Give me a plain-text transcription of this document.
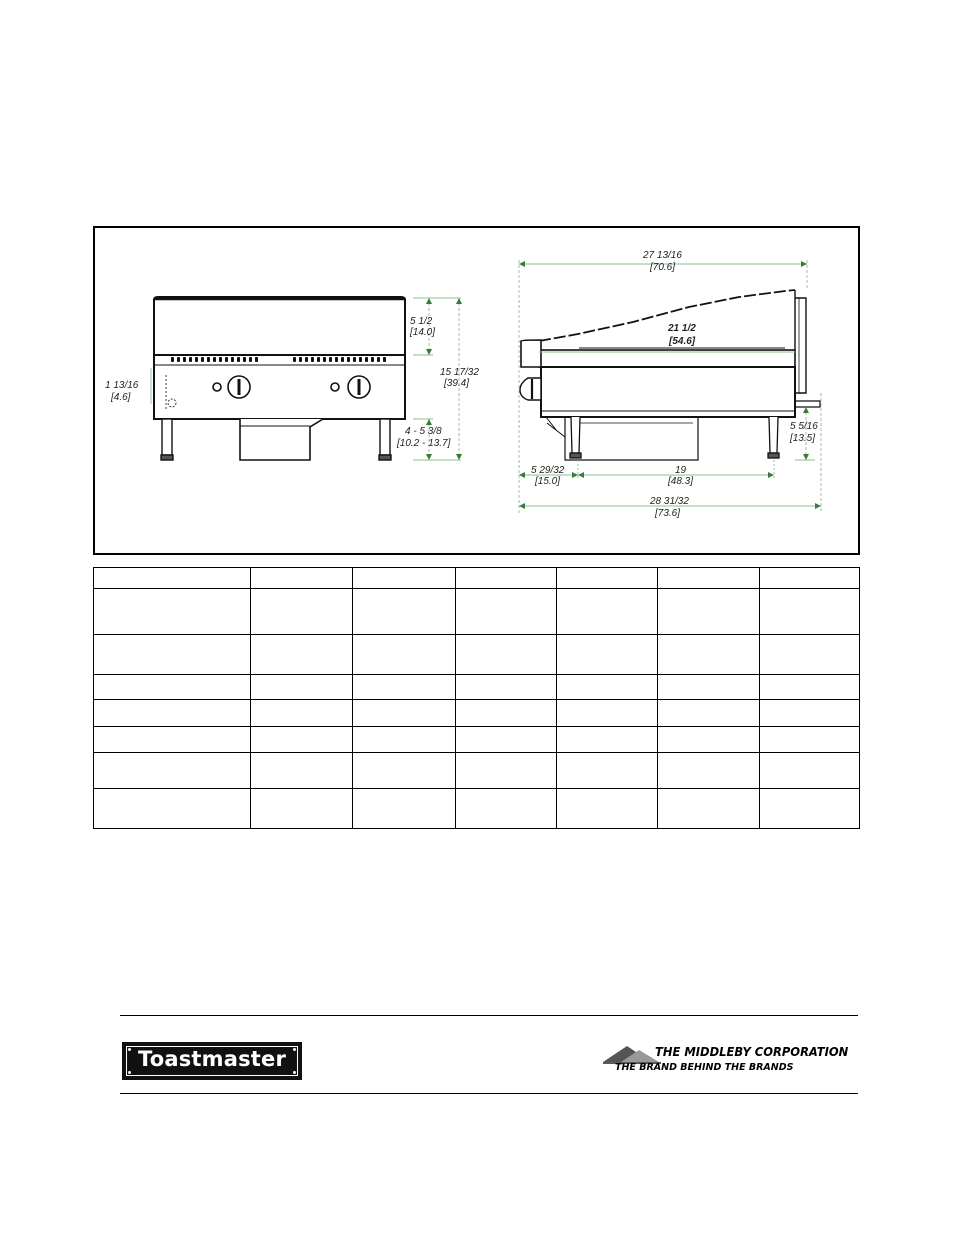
5 1/2
[14.0]
15 17/32
[39.4]
4 - 5 3/8
[10.2 - 13.7]
1 13/16
[4.6]
27 13/16
[70.6]
21 1/2
[54.6]
5 5/16
[13.5]
5 29/32
[15.0]
19
[48.3]
28 31/32
[73.6]

Toastmaster	THE MIDDLEBY CORPORATION
THE BRAND BEHIND THE BRANDS
